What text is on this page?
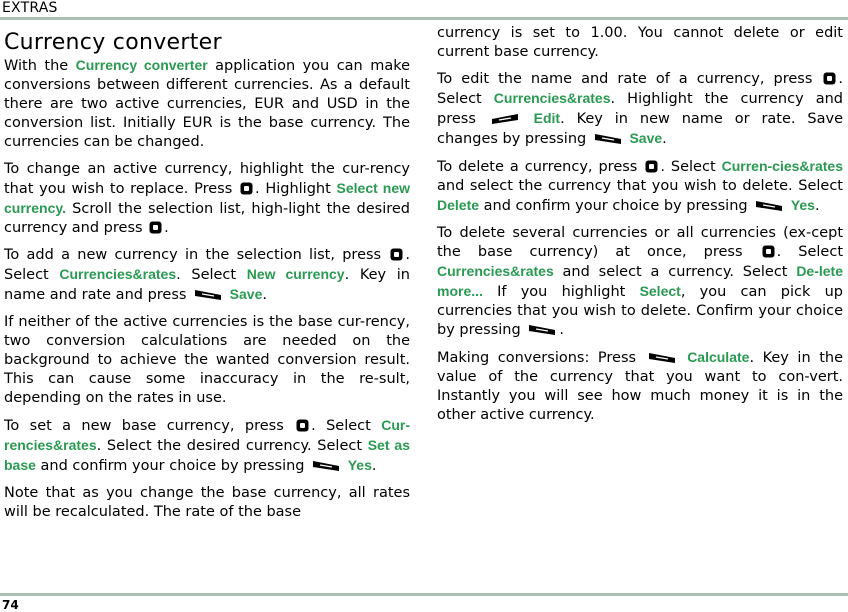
EXTRAS
Currency converter

With the Currency converter application you can make conversions between different currencies. As a default there are two active currencies, EUR and USD in the conversion list. Initially EUR is the base currency. The currencies can be changed.

To change an active currency, highlight the cur-rency that you wish to replace. Press . Highlight Select new currency. Scroll the selection list, high-light the desired currency and press .

To add a new currency in the selection list, press . Select Currencies&rates. Select New currency. Key in name and rate and press	Save.

If neither of the active currencies is the base cur-rency, two conversion calculations are needed on the background to achieve the wanted conversion result. This can cause some inaccuracy in the re-sult, depending on the rates in use.

To set a new base currency, press . Select Cur-rencies&rates. Select the desired currency. Select Set as base and confirm your choice by pressing	Yes.

Note that as you change the base currency, all rates will be recalculated. The rate of the base

currency is set to 1.00. You cannot delete or edit current base currency.

To edit the name and rate of a currency, press . Select Currencies&rates. Highlight the currency and press	Edit. Key in new name or rate. Save changes by pressing	Save.

To delete a currency, press . Select Curren-cies&rates and select the currency that you wish to delete. Select Delete and confirm your choice by pressing	Yes.

To delete several currencies or all currencies (ex-cept the base currency) at once, press . Select Currencies&rates and select a currency. Select De-lete more... If you highlight Select, you can pick up currencies that you wish to delete. Confirm your choice by pressing .

Making conversions: Press	Calculate. Key in the value of the currency that you want to con-vert. Instantly you will see how much money it is in the other active currency.

74
